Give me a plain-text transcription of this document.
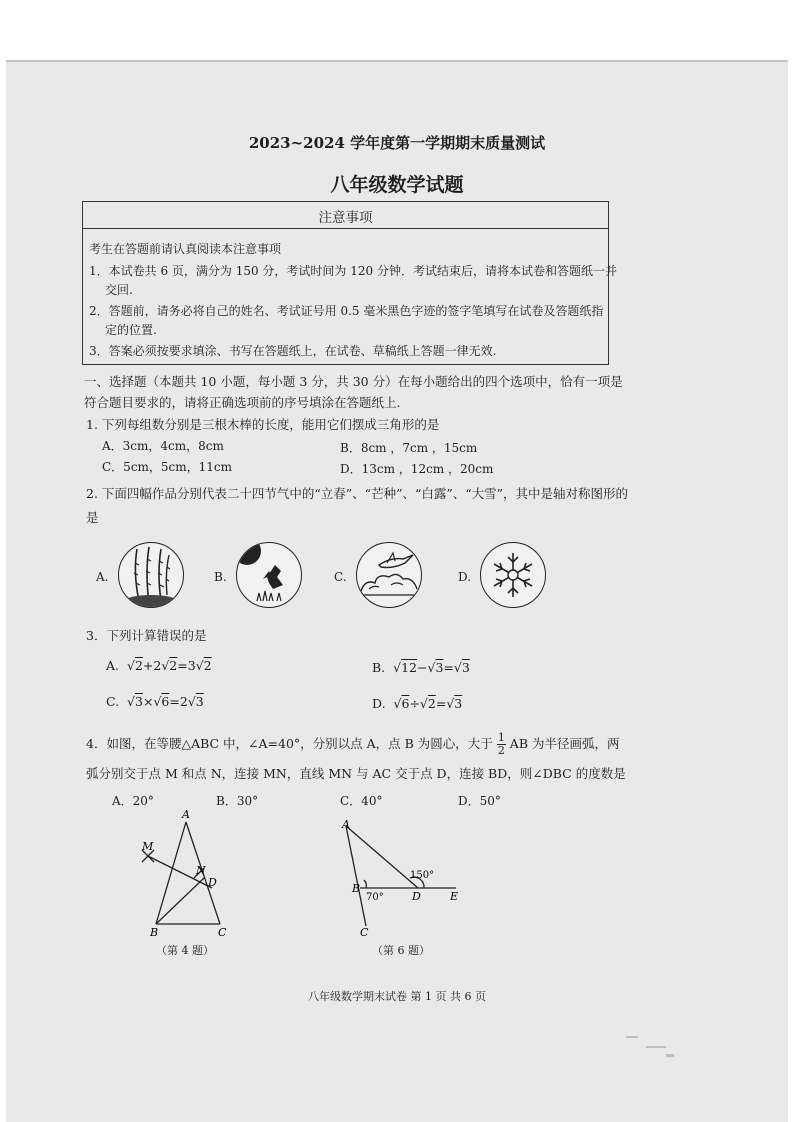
2023~2024 学年度第一学期期末质量测试
八年级数学试题
注意事项
考生在答题前请认真阅读本注意事项
1．本试卷共 6 页，满分为 150 分，考试时间为 120 分钟．考试结束后，请将本试卷和答题纸一并
交回.
2．答题前，请务必将自己的姓名、考试证号用 0.5 毫米黑色字迹的签字笔填写在试卷及答题纸指
定的位置.
3．答案必须按要求填涂、书写在答题纸上，在试卷、草稿纸上答题一律无效.
一、选择题（本题共 10 小题，每小题 3 分，共 30 分）在每小题给出的四个选项中，恰有一项是
符合题目要求的，请将正确选项前的序号填涂在答题纸上.
1. 下列每组数分别是三根木棒的长度，能用它们摆成三角形的是
A．3cm，4cm，8cm	B．8cm ，7cm ，15cm
C．5cm，5cm，11cm	D．13cm ，12cm ，20cm
2. 下面四幅作品分别代表二十四节气中的“立春”、“芒种”、“白露”、“大雪”，其中是轴对称图形的
是
A.	B.	C.	D.
3．下列计算错误的是
A.  √2+2√2=3√2	B.  √12−√3=√3
C.  √3×√6=2√3	D.  √6÷√2=√3
4．如图，在等腰△ABC 中，∠A=40°，分别以点 A，点 B 为圆心，大于 $\frac{1}{2}$ AB 为半径画弧，两
弧分别交于点 M 和点 N，连接 MN，直线 MN 与 AC 交于点 D，连接 BD，则∠DBC 的度数是
A．20°	B．30°	C．40°	D．50°
A
M
N
D
B	C
（第 4 题）
A
B
70°
150°
D	E
C
（第 6 题）
八年级数学期末试卷 第 1 页 共 6 页
